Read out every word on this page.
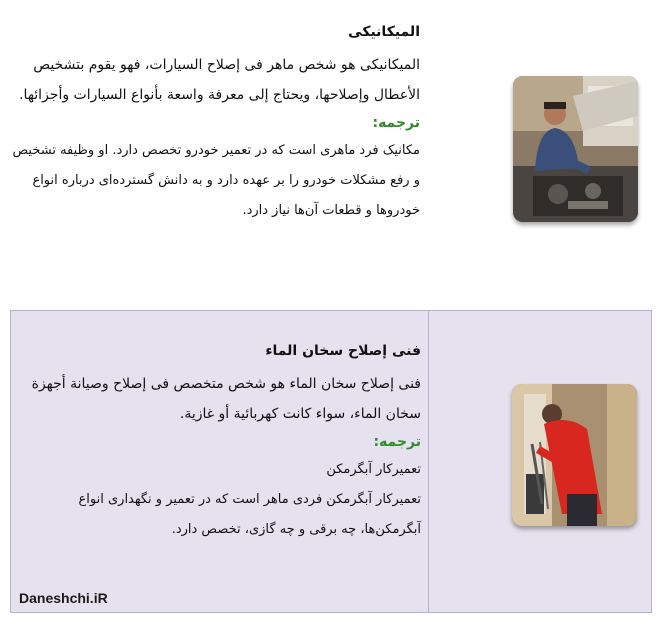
الميكانيكى
الميكانيكى هو شخص ماهر فى إصلاح السيارات، فهو يقوم بتشخيص الأعطال وإصلاحها، ويحتاج إلى معرفة واسعة بأنواع السيارات وأجزائها.
ترجمه:
مکانیک فرد ماهری است که در تعمیر خودرو تخصص دارد. او وظیفه تشخیص و رفع مشکلات خودرو را بر عهده دارد و به دانش گسترده‌ای درباره انواع خودروها و قطعات آن‌ها نیاز دارد.
فنى إصلاح سخان الماء
فنى إصلاح سخان الماء هو شخص متخصص فى إصلاح وصيانة أجهزة سخان الماء، سواء كانت كهربائية أو غازية.
ترجمه:
تعمیرکار آبگرمکن
تعمیرکار آبگرمکن فردی ماهر است که در تعمیر و نگهداری انواع آبگرمکن‌ها، چه برقی و چه گازی، تخصص دارد.
Daneshchi.iR
